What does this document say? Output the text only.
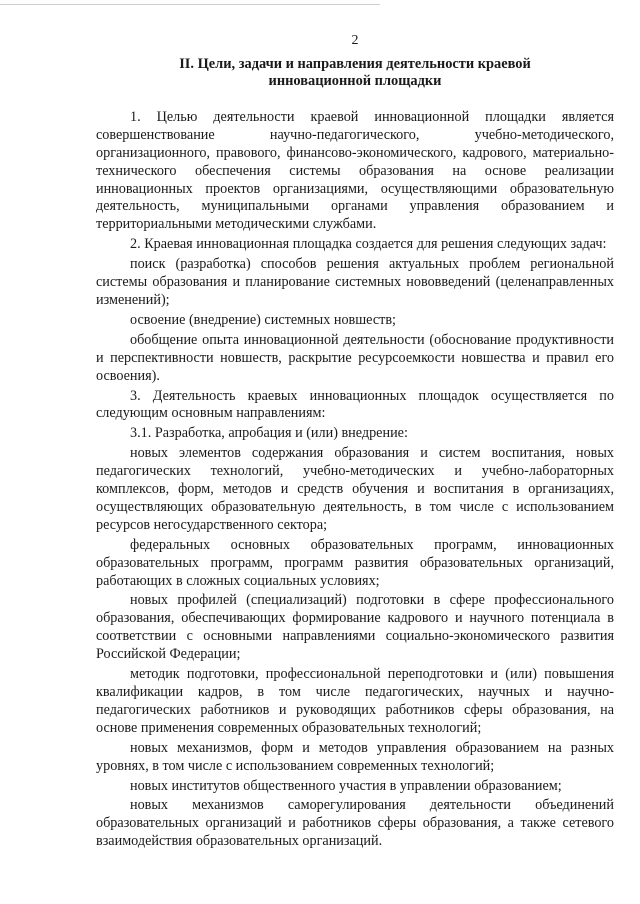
2
II. Цели, задачи и направления деятельности краевой
инновационной площадки

1. Целью деятельности краевой инновационной площадки является совершенствование научно-педагогического, учебно-методического, организационного, правового, финансово-экономического, кадрового, материально-технического обеспечения системы образования на основе реализации инновационных проектов организациями, осуществляющими образовательную деятельность, муниципальными органами управления образованием и территориальными методическими службами.

2. Краевая инновационная площадка создается для решения следующих задач:

поиск (разработка) способов решения актуальных проблем региональной системы образования и планирование системных нововведений (целенаправленных изменений);

освоение (внедрение) системных новшеств;

обобщение опыта инновационной деятельности (обоснование продуктивности и перспективности новшеств, раскрытие ресурсоемкости новшества и правил его освоения).

3. Деятельность краевых инновационных площадок осуществляется по следующим основным направлениям:

3.1. Разработка, апробация и (или) внедрение:

новых элементов содержания образования и систем воспитания, новых педагогических технологий, учебно-методических и учебно-лабораторных комплексов, форм, методов и средств обучения и воспитания в организациях, осуществляющих образовательную деятельность, в том числе с использованием ресурсов негосударственного сектора;

федеральных основных образовательных программ, инновационных образовательных программ, программ развития образовательных организаций, работающих в сложных социальных условиях;

новых профилей (специализаций) подготовки в сфере профессионального образования, обеспечивающих формирование кадрового и научного потенциала в соответствии с основными направлениями социально-экономического развития Российской Федерации;

методик подготовки, профессиональной переподготовки и (или) повышения квалификации кадров, в том числе педагогических, научных и научно-педагогических работников и руководящих работников сферы образования, на основе применения современных образовательных технологий;

новых механизмов, форм и методов управления образованием на разных уровнях, в том числе с использованием современных технологий;

новых институтов общественного участия в управлении образованием;

новых механизмов саморегулирования деятельности объединений образовательных организаций и работников сферы образования, а также сетевого взаимодействия образовательных организаций.
